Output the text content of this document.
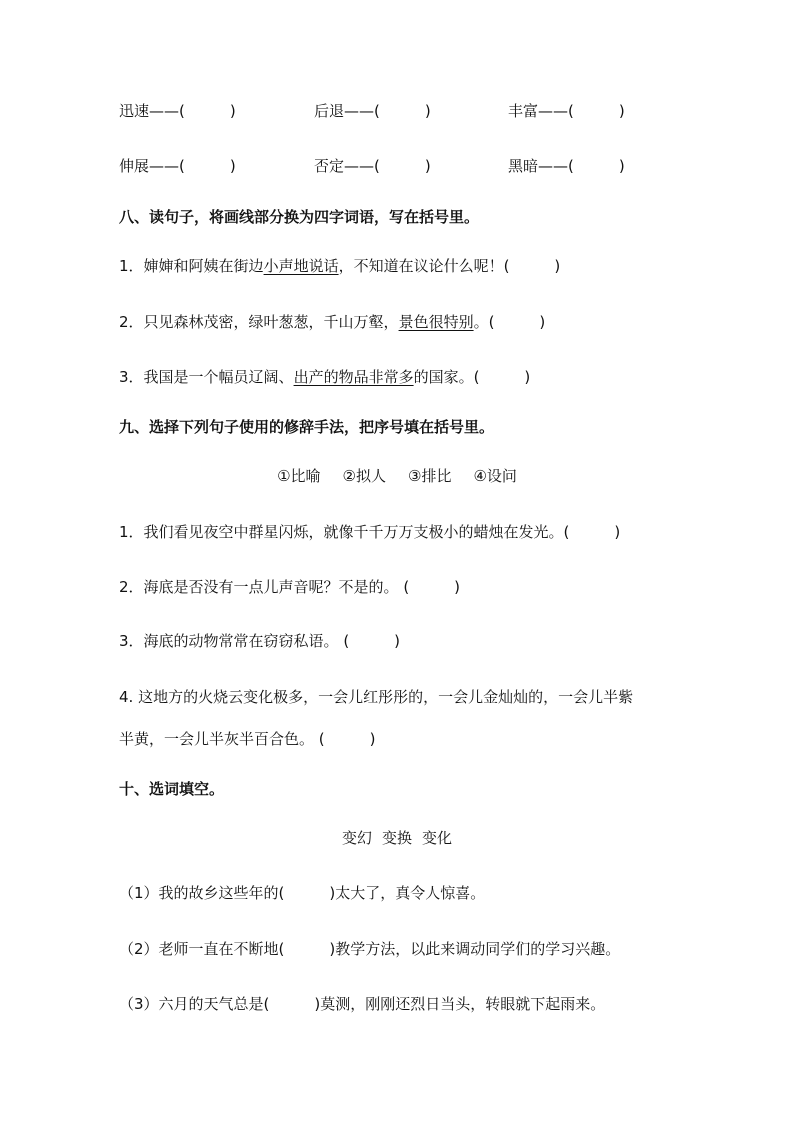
迅速——(　　　)	后退——(　　　)	丰富——(　　　)
伸展——(　　　)	否定——(　　　)	黑暗——(　　　)
八、读句子，将画线部分换为四字词语，写在括号里。
1．婶婶和阿姨在街边小声地说话，不知道在议论什么呢！(　　　)
2．只见森林茂密，绿叶葱葱，千山万壑，景色很特别。(　　　)
3．我国是一个幅员辽阔、出产的物品非常多的国家。(　　　)
九、选择下列句子使用的修辞手法，把序号填在括号里。
①比喻 ②拟人 ③排比 ④设问
1．我们看见夜空中群星闪烁，就像千千万万支极小的蜡烛在发光。(　　　)
2．海底是否没有一点儿声音呢？不是的。 (　　　)
3．海底的动物常常在窃窃私语。 (　　　)
4. 这地方的火烧云变化极多，一会儿红彤彤的，一会儿金灿灿的，一会儿半紫
半黄，一会儿半灰半百合色。 (　　　)
十、选词填空。
变幻 变换 变化
（1）我的故乡这些年的(　　　)太大了，真令人惊喜。
（2）老师一直在不断地(　　　)教学方法，以此来调动同学们的学习兴趣。
（3）六月的天气总是(　　　)莫测，刚刚还烈日当头，转眼就下起雨来。
